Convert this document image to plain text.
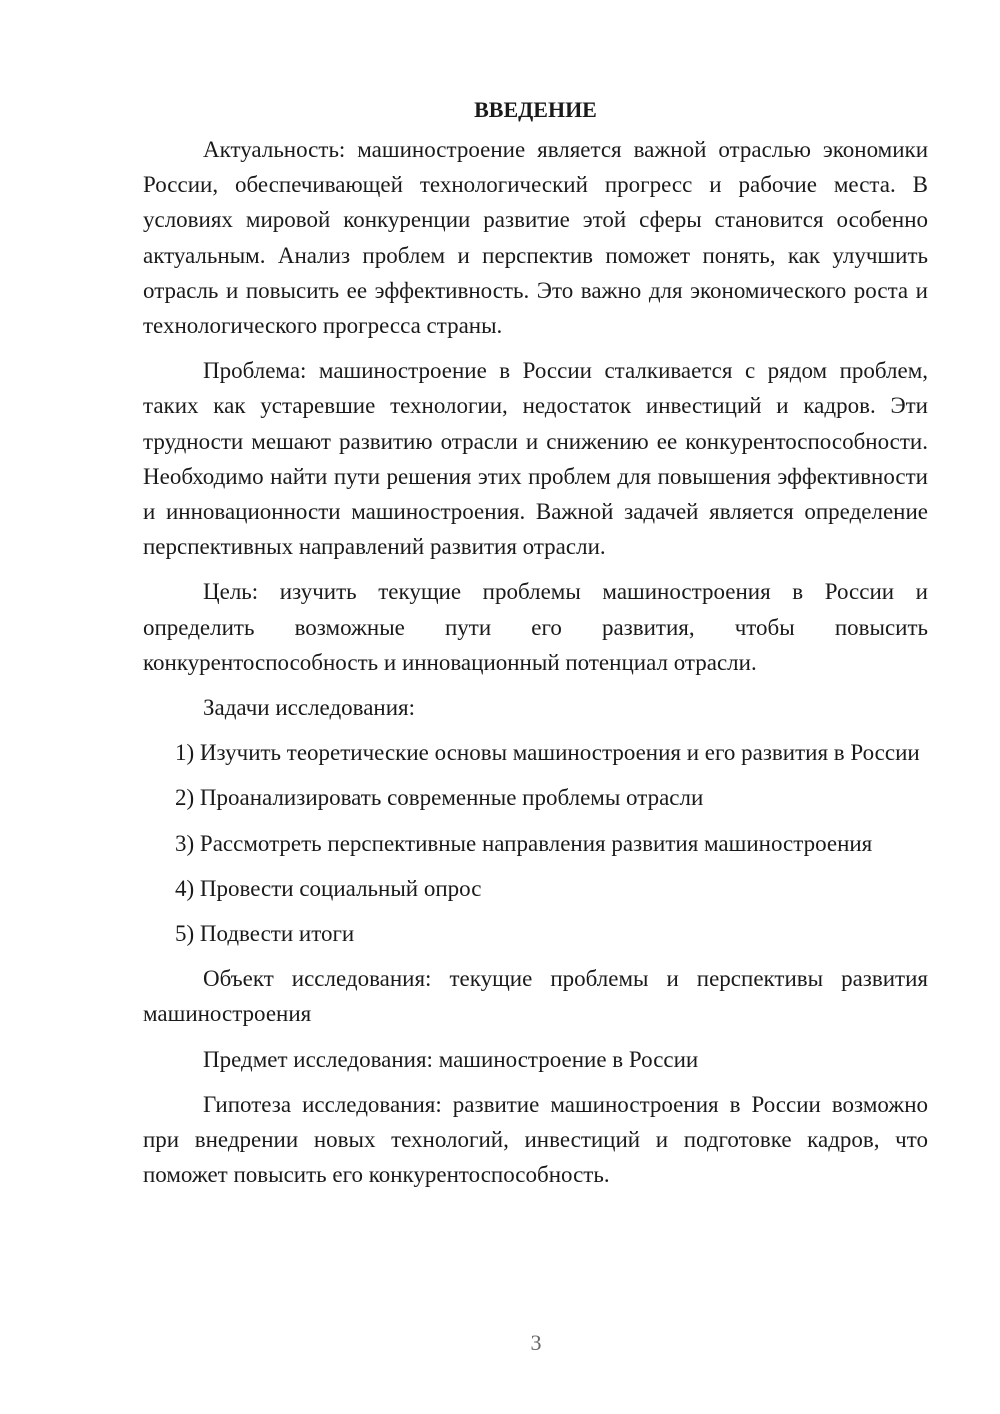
ВВЕДЕНИЕ

Актуальность: машиностроение является важной отраслью экономики России, обеспечивающей технологический прогресс и рабочие места. В условиях мировой конкуренции развитие этой сферы становится особенно актуальным. Анализ проблем и перспектив поможет понять, как улучшить отрасль и повысить ее эффективность. Это важно для экономического роста и технологического прогресса страны.

Проблема: машиностроение в России сталкивается с рядом проблем, таких как устаревшие технологии, недостаток инвестиций и кадров. Эти трудности мешают развитию отрасли и снижению ее конкурентоспособности. Необходимо найти пути решения этих проблем для повышения эффективности и инновационности машиностроения. Важной задачей является определение перспективных направлений развития отрасли.

Цель: изучить текущие проблемы машиностроения в России и определить возможные пути его развития, чтобы повысить конкурентоспособность и инновационный потенциал отрасли.

Задачи исследования:

1) Изучить теоретические основы машиностроения и его развития в России

2) Проанализировать современные проблемы отрасли

3) Рассмотреть перспективные направления развития машиностроения

4) Провести социальный опрос

5) Подвести итоги

Объект исследования: текущие проблемы и перспективы развития машиностроения

Предмет исследования: машиностроение в России

Гипотеза исследования: развитие машиностроения в России возможно при внедрении новых технологий, инвестиций и подготовке кадров, что поможет повысить его конкурентоспособность.

3
